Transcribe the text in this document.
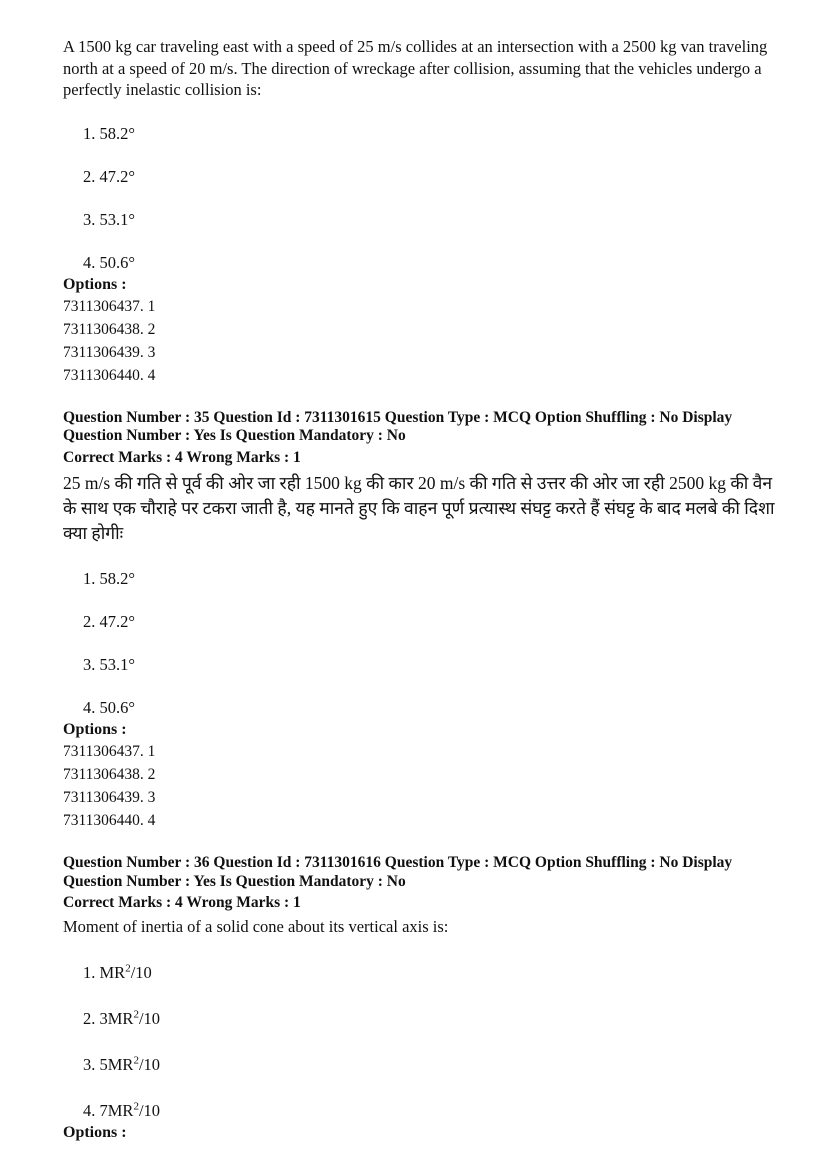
A 1500 kg car traveling east with a speed of 25 m/s collides at an intersection with a 2500 kg van traveling north at a speed of 20 m/s. The direction of wreckage after collision, assuming that the vehicles undergo a perfectly inelastic collision is:

1. 58.2°
2. 47.2°
3. 53.1°
4. 50.6°

Options :

7311306437. 1

7311306438. 2

7311306439. 3

7311306440. 4

Question Number : 35 Question Id : 7311301615 Question Type : MCQ Option Shuffling : No Display Question Number : Yes Is Question Mandatory : No

Correct Marks : 4 Wrong Marks : 1

25 m/s की गति से पूर्व की ओर जा रही 1500 kg की कार 20 m/s की गति से उत्तर की ओर जा रही 2500 kg की वैन के साथ एक चौराहे पर टकरा जाती है, यह मानते हुए कि वाहन पूर्ण प्रत्यास्थ संघट्ट करते हैं संघट्ट के बाद मलबे की दिशा क्या होगीः

1. 58.2°
2. 47.2°
3. 53.1°
4. 50.6°

Options :

7311306437. 1

7311306438. 2

7311306439. 3

7311306440. 4

Question Number : 36 Question Id : 7311301616 Question Type : MCQ Option Shuffling : No Display Question Number : Yes Is Question Mandatory : No

Correct Marks : 4 Wrong Marks : 1

Moment of inertia of a solid cone about its vertical axis is:

1. $MR^2/10$
2. $3MR^2/10$
3. $5MR^2/10$
4. $7MR^2/10$

Options :
